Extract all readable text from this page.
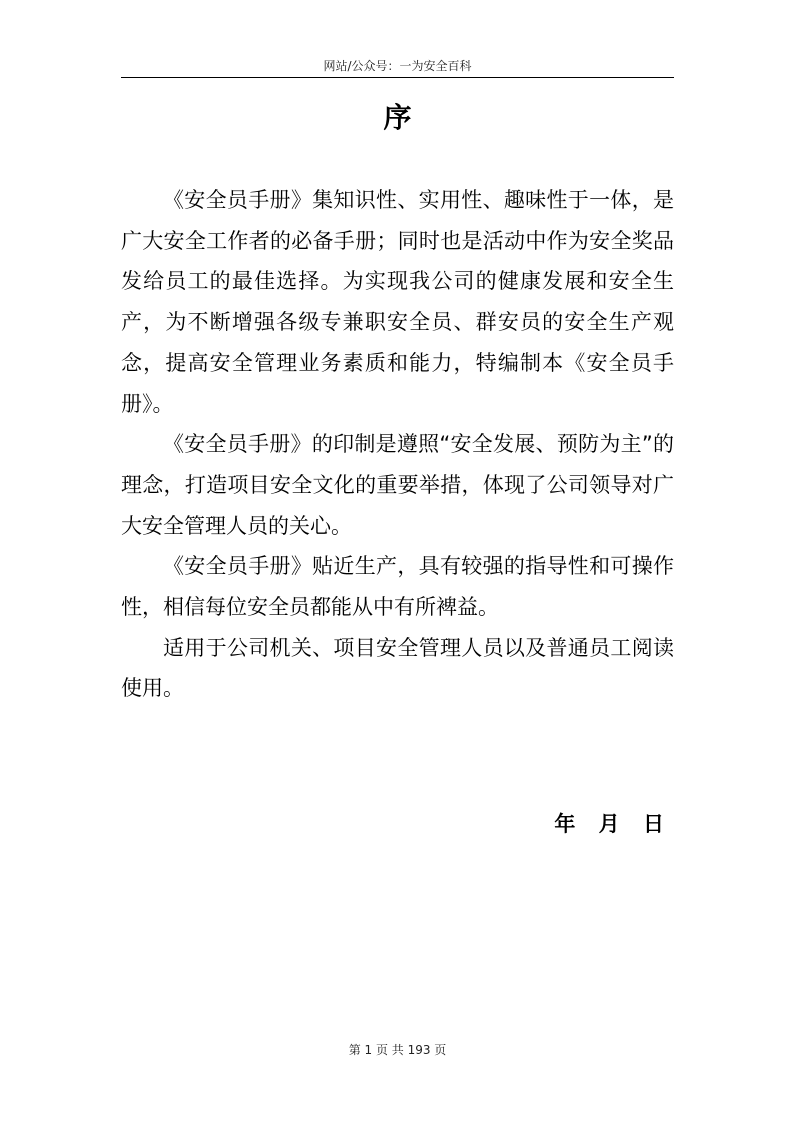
网站/公众号：一为安全百科
序

《安全员手册》集知识性、实用性、趣味性于一体，是广大安全工作者的必备手册；同时也是活动中作为安全奖品发给员工的最佳选择。为实现我公司的健康发展和安全生产，为不断增强各级专兼职安全员、群安员的安全生产观念，提高安全管理业务素质和能力，特编制本《安全员手册》。

《安全员手册》的印制是遵照“安全发展、预防为主”的理念，打造项目安全文化的重要举措，体现了公司领导对广大安全管理人员的关心。

《安全员手册》贴近生产，具有较强的指导性和可操作性，相信每位安全员都能从中有所裨益。

适用于公司机关、项目安全管理人员以及普通员工阅读使用。

年 月 日
第 1 页 共 193 页
